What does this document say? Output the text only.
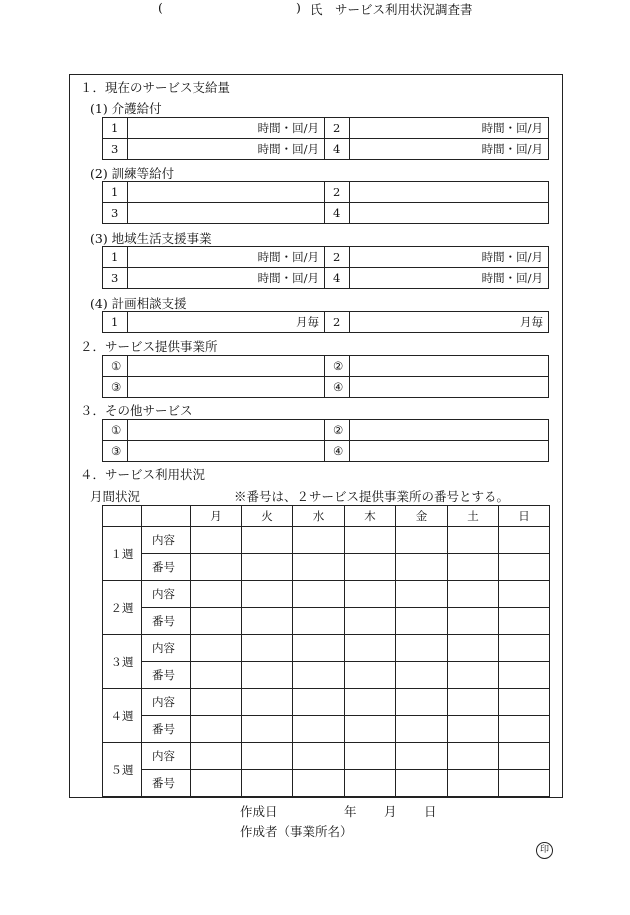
(	) 氏　サービス利用状況調査書
１．現在のサービス支給量
(1) 介護給付
1	時間・回/月	2	時間・回/月
3	時間・回/月	4	時間・回/月
(2) 訓練等給付
1		2	
3		4	
(3) 地域生活支援事業
1	時間・回/月	2	時間・回/月
3	時間・回/月	4	時間・回/月
(4) 計画相談支援
1	月毎	2	月毎
２．サービス提供事業所
①		②	
③		④	
３．その他サービス
①		②	
③		④	
４．サービス利用状況
月間状況	※番号は、２サービス提供事業所の番号とする。
		月	火	水	木	金	土	日
１週	内容							
	番号							
２週	内容							
	番号							
３週	内容							
	番号							
４週	内容							
	番号							
５週	内容							
	番号							
作成日	年 月 日
作成者（事業所名）
印
